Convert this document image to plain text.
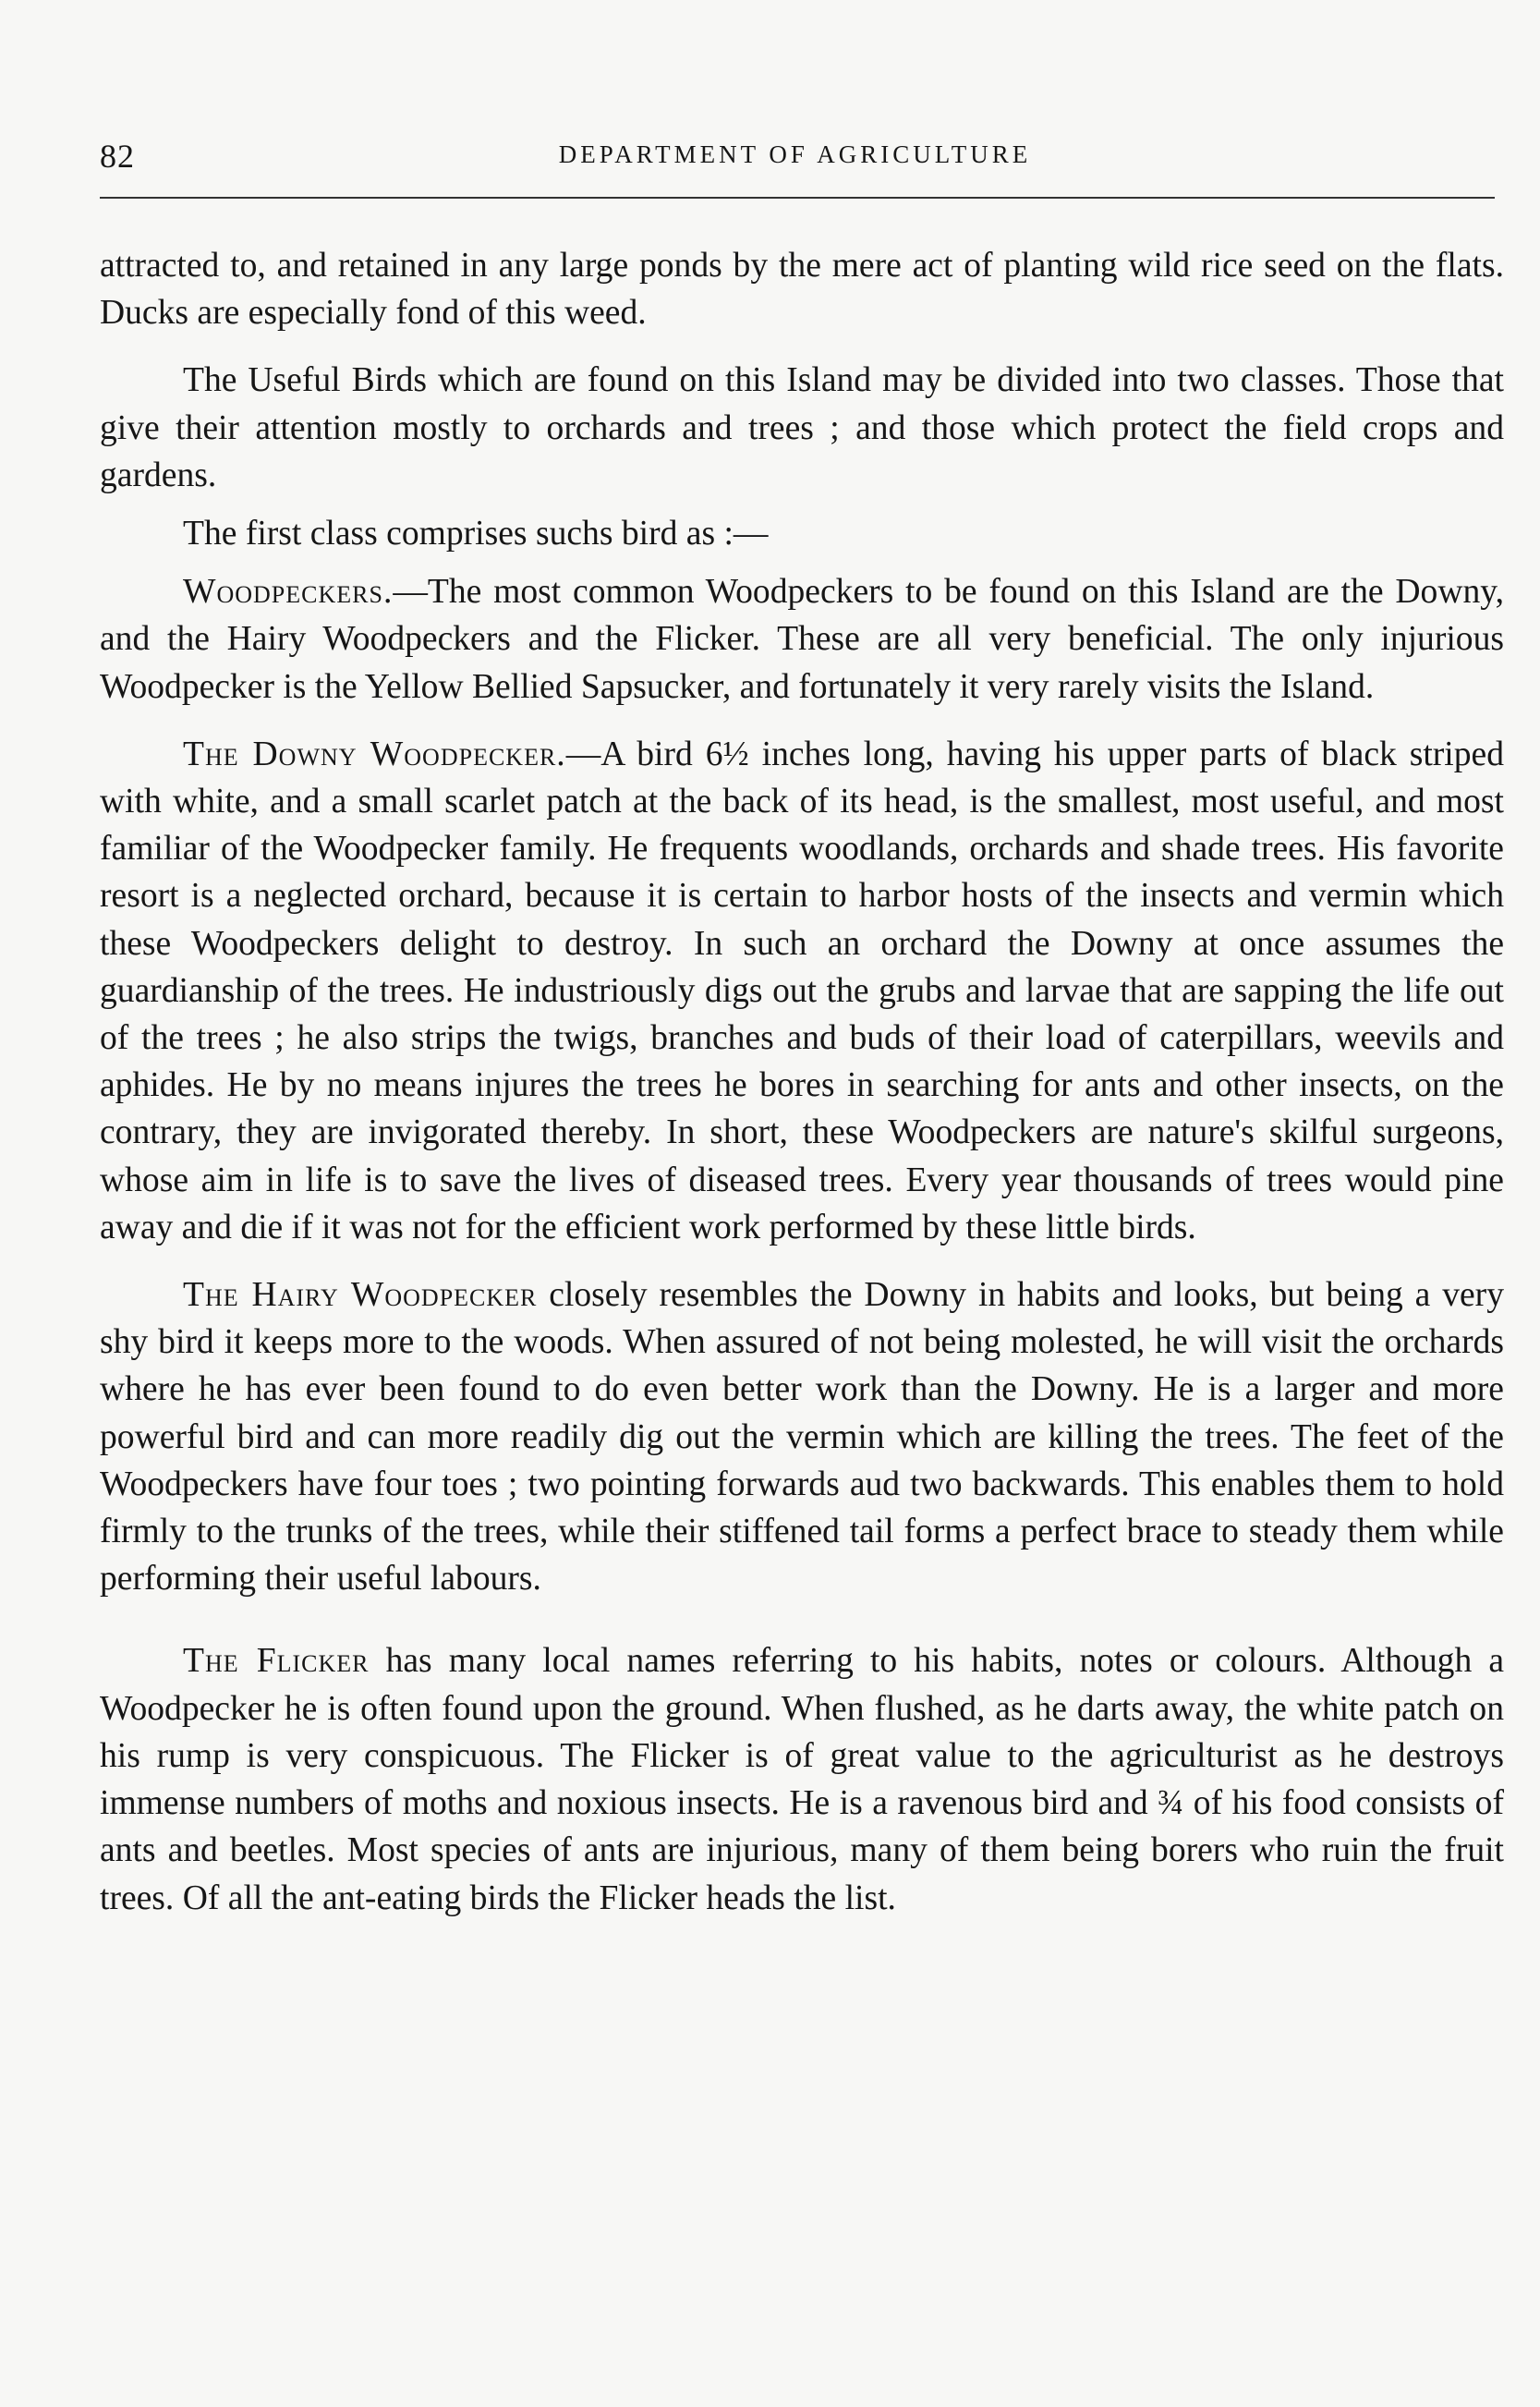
82	DEPARTMENT OF AGRICULTURE

attracted to, and retained in any large ponds by the mere act of planting wild rice seed on the flats. Ducks are especially fond of this weed.

The Useful Birds which are found on this Island may be divided into two classes. Those that give their attention mostly to orchards and trees ; and those which protect the field crops and gardens.

The first class comprises suchs bird as :—

Woodpeckers.—The most common Woodpeckers to be found on this Island are the Downy, and the Hairy Woodpeckers and the Flicker. These are all very beneficial. The only injurious Woodpecker is the Yellow Bellied Sapsucker, and fortunately it very rarely visits the Island.

The Downy Woodpecker.—A bird 6½ inches long, having his upper parts of black striped with white, and a small scarlet patch at the back of its head, is the smallest, most useful, and most familiar of the Woodpecker family. He frequents woodlands, orchards and shade trees. His favorite resort is a neglected orchard, because it is certain to harbor hosts of the insects and vermin which these Woodpeckers delight to destroy. In such an orchard the Downy at once assumes the guardianship of the trees. He industriously digs out the grubs and larvae that are sapping the life out of the trees ; he also strips the twigs, branches and buds of their load of caterpillars, weevils and aphides. He by no means injures the trees he bores in searching for ants and other insects, on the contrary, they are invigorated thereby. In short, these Woodpeckers are nature's skilful surgeons, whose aim in life is to save the lives of diseased trees. Every year thousands of trees would pine away and die if it was not for the efficient work performed by these little birds.

The Hairy Woodpecker closely resembles the Downy in habits and looks, but being a very shy bird it keeps more to the woods. When assured of not being molested, he will visit the orchards where he has ever been found to do even better work than the Downy. He is a larger and more powerful bird and can more readily dig out the vermin which are killing the trees. The feet of the Woodpeckers have four toes ; two pointing forwards aud two backwards. This enables them to hold firmly to the trunks of the trees, while their stiffened tail forms a perfect brace to steady them while performing their useful labours.

The Flicker has many local names referring to his habits, notes or colours. Although a Woodpecker he is often found upon the ground. When flushed, as he darts away, the white patch on his rump is very conspicuous. The Flicker is of great value to the agriculturist as he destroys immense numbers of moths and noxious insects. He is a ravenous bird and ¾ of his food consists of ants and beetles. Most species of ants are injurious, many of them being borers who ruin the fruit trees. Of all the ant-eating birds the Flicker heads the list.
